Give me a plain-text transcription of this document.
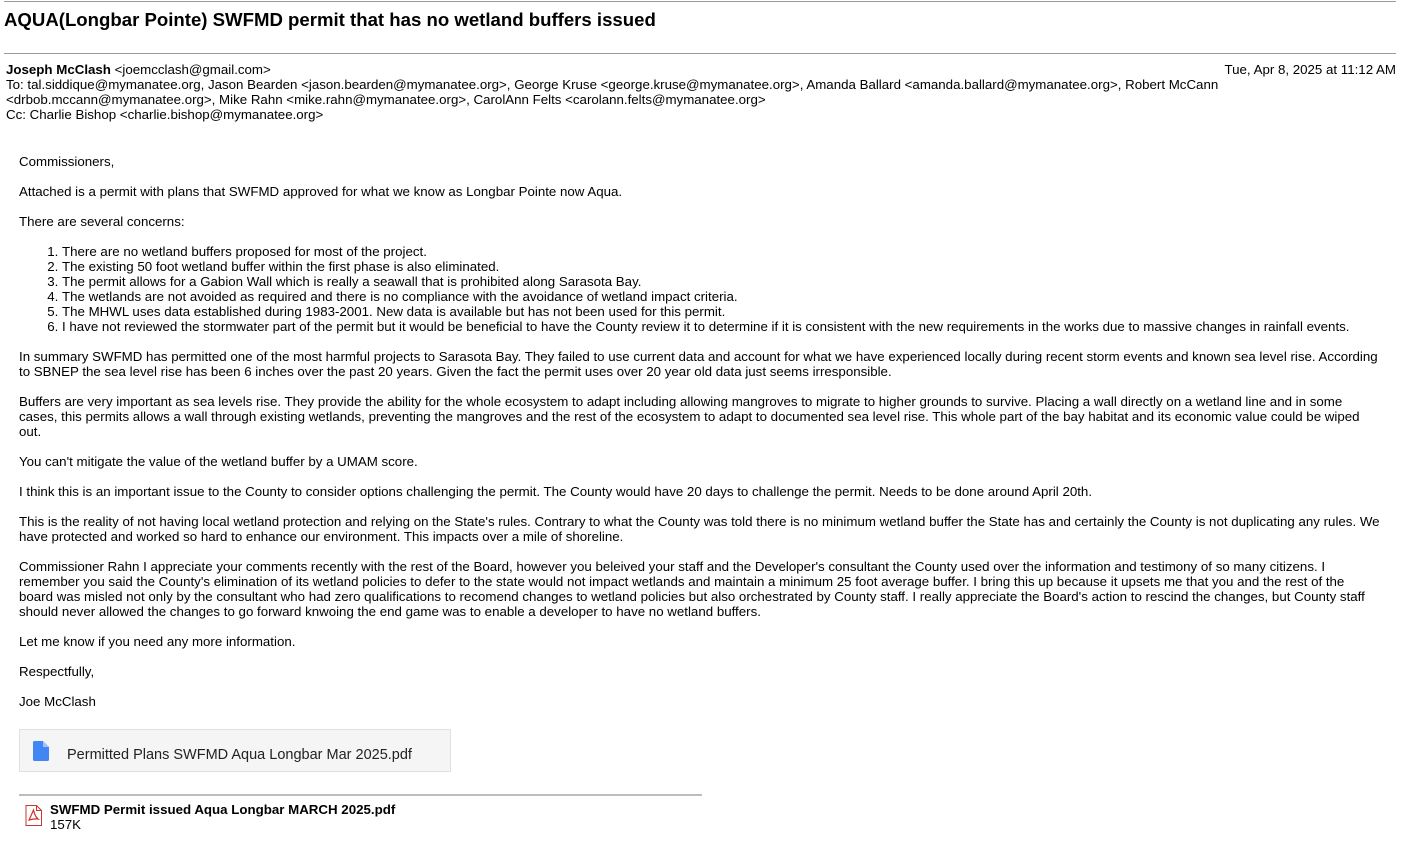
AQUA(Longbar Pointe) SWFMD permit that has no wetland buffers issued
Joseph McClash <joemcclash@gmail.com>	Tue, Apr 8, 2025 at 11:12 AM
To: tal.siddique@mymanatee.org, Jason Bearden <jason.bearden@mymanatee.org>, George Kruse <george.kruse@mymanatee.org>, Amanda Ballard <amanda.ballard@mymanatee.org>, Robert McCann
<drbob.mccann@mymanatee.org>, Mike Rahn <mike.rahn@mymanatee.org>, CarolAnn Felts <carolann.felts@mymanatee.org>
Cc: Charlie Bishop <charlie.bishop@mymanatee.org>

Commissioners,

Attached is a permit with plans that SWFMD approved for what we know as Longbar Pointe now Aqua.

There are several concerns:

1. There are no wetland buffers proposed for most of the project.
2. The existing 50 foot wetland buffer within the first phase is also eliminated.
3. The permit allows for a Gabion Wall which is really a seawall that is prohibited along Sarasota Bay.
4. The wetlands are not avoided as required and there is no compliance with the avoidance of wetland impact criteria.
5. The MHWL uses data established during 1983-2001. New data is available but has not been used for this permit.
6. I have not reviewed the stormwater part of the permit but it would be beneficial to have the County review it to determine if it is consistent with the new requirements in the works due to massive changes in rainfall events.

In summary SWFMD has permitted one of the most harmful projects to Sarasota Bay. They failed to use current data and account for what we have experienced locally during recent storm events and known sea level rise. According to SBNEP the sea level rise has been 6 inches over the past 20 years. Given the fact the permit uses over 20 year old data just seems irresponsible.

Buffers are very important as sea levels rise. They provide the ability for the whole ecosystem to adapt including allowing mangroves to migrate to higher grounds to survive. Placing a wall directly on a wetland line and in some cases, this permits allows a wall through existing wetlands, preventing the mangroves and the rest of the ecosystem to adapt to documented sea level rise. This whole part of the bay habitat and its economic value could be wiped out.

You can't mitigate the value of the wetland buffer by a UMAM score.

I think this is an important issue to the County to consider options challenging the permit. The County would have 20 days to challenge the permit. Needs to be done around April 20th.

This is the reality of not having local wetland protection and relying on the State's rules. Contrary to what the County was told there is no minimum wetland buffer the State has and certainly the County is not duplicating any rules. We have protected and worked so hard to enhance our environment. This impacts over a mile of shoreline.

Commissioner Rahn I appreciate your comments recently with the rest of the Board, however you beleived your staff and the Developer's consultant the County used over the information and testimony of so many citizens. I remember you said the County's elimination of its wetland policies to defer to the state would not impact wetlands and maintain a minimum 25 foot average buffer. I bring this up because it upsets me that you and the rest of the board was misled not only by the consultant who had zero qualifications to recomend changes to wetland policies but also orchestrated by County staff. I really appreciate the Board's action to rescind the changes, but County staff should never allowed the changes to go forward knwoing the end game was to enable a developer to have no wetland buffers.

Let me know if you need any more information.

Respectfully,

Joe McClash

Permitted Plans SWFMD Aqua Longbar Mar 2025.pdf
SWFMD Permit issued Aqua Longbar MARCH 2025.pdf
157K
